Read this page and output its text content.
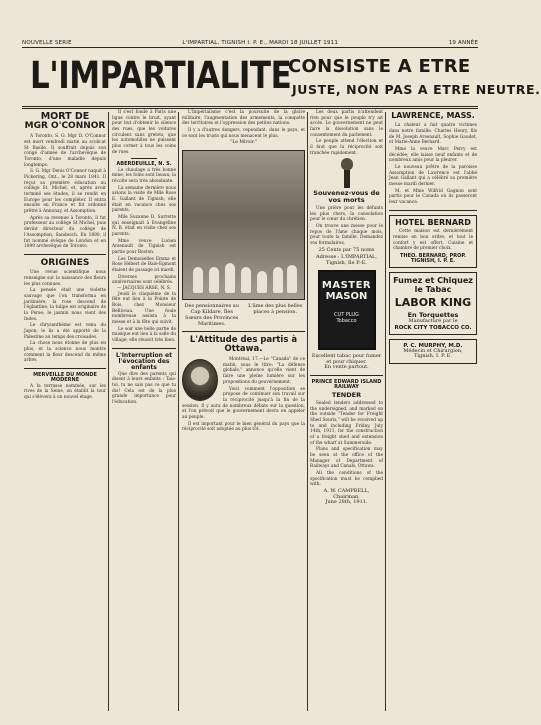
NOUVELLE SERIE	L'IMPARTIAL, TIGNISH I. P. E., MARDI 18 JUILLET 1911	19 ANNÉE
L'IMPARTIALITE
CONSISTE A ETRE
JUSTE, NON PAS A ETRE NEUTRE.
MORT DE
MGR O'CONNOR

A Toronto, S. G. Mgr D. O'Connor est mort vendredi matin au scolicat St Basile. Il souffrait depuis son congé d'année de l'archevêque de Toronto, d'une maladie depuis longtemps.

S. G. Mgr Denis O'Connor naquit à Pickering, Ont., le 28 mars 1841. Il reçut sa première éducation au collège St. Michel, et, après avoir terminé ses études, il se rendit en Europe pour les compléter. Il entra ensuite en France et fut ordonné prêtre à Annonay, et Assomption.

Après sa revenue à Toronto, il fut professeur au collège St Michel, puis devint directeur du collège de l'Assomption, Sandwich. En 1890, il fut nommé évêque de London et en 1899 archevêque de Toronto.

ORIGINES

Une revue scientifique nous renseigne sur la naissance des fleurs les plus connues.

La pensée était une violette sauvage que l'on transforma en jardinière; la rose descend de l'églantine; la tulipe est originaire de la Perse; le jasmin nous vient des Indes.

Le chrysanthème est venu du Japon; le lis a été apporté de la Palestine au temps des croisades.

La chose nous étonne de plus en plus, et la science nous montre comment la fleur descend du même arbre.

MERVEILLE DU MONDE MODERNE

A la terrasse nommée, sur les rives de la Seine, on établit la tour qui s'élèvera à un nouvel étage.

Il s'est fondé à Paris une ligue contre le bruit, ayant pour but d'obtenir le silence des rues, que les voitures circulent sans grelots, que les automobiles ne puissent plus corner à tous les coins de rues.

ABERDEUILLE, N. S.

Le chaulage a très bonne mine; les foins sont beaux; la récolte sera très abondante.

La semaine dernière nous avions la visite de Mlle Rose E. Gallant de Tignish; elle était en vacance chez ses parents.

Mlle Suzanne D. Surrette qui enseignait à Evangéline N. B. était en visite chez ses parents.

Mme veuve Lucien Arsenault de Tignish est partie pour Boston.

Les Demoiselles Emma et Rose Hébert de Baie-Egmont étaient de passage ici mardi.

Diverses prochains anniversaires sont célébrés.

— JACQUES ARSE, N. S.

Jeudi le cinquième de la fête eut lieu à la Pointe de Bois, chez Monsieur Belliveau. Une foule nombreuse assista à la messe et à la fête qui suivit.

Le soir une belle partie de musique eut lieu à la salle du village; elle réussit très bien.

L'Interruption et l'évocation des enfants

Que dire des parents qui disent à leurs enfants : Tais-toi, tu ne sais pas ce que tu dis! Cela est de la plus grande importance pour l'éducation.

L'Impérialisme c'est la poursuite de la gloire militaire, l'augmentation des armements, la conquête des territoires et l'oppression des petites nations.

Il y a d'autres dangers, cependant, dans le pays, et ce sont les trusts qui nous menacent le plus.

"Le Miroir."
Des pensionnaires au Cap Kildare, Îles Sœurs des Provinces Maritimes.
L'âme des plus belles places à pension.
L'Attitude des partis à Ottawa.

Montréal, 17.—Le "Canada" de ce matin, sous le titre: "La défense globale," annonce qu'elle vient de faire une pleine lumière sur les propositions du gouvernement.

Voici comment l'opposition se propose de continuer son travail sur la réciprocité jusqu'à la fin de la session. Il y aura de nombreux débats sur la question, et l'on prévoit que le gouvernement devra en appeler au peuple.

Il est important pour le bien général du pays que la réciprocité soit adoptée au plus tôt.

Les deux partis n'attendent rien pour que le peuple n'y ait accès. Le gouvernement ne peut faire la dissolution sans le consentement du parlement.

Le peuple attend l'élection et il faut que la réciprocité soit tranchée rapidement.

Souvenez-vous de vos morts

Une prière pour les défunts les plus chers, la consolation pour le cœur du chrétien.

On trouve une messe pour le repos de l'âme chaque mois, pour toute la famille. Demandez vos formulaires.

25 Cents par 75 noms
Adresse : L'IMPARTIAL, Tignish, Ile P.-E.
MASTER
MASON
CUT PLUG
Tobacco
Excellent tabac pour fumer et pour chiquer.
En vente partout.
PRINCE EDWARD ISLAND RAILWAY
TENDER

Sealed tenders addressed to the undersigned, and marked on the outside "Tender for Freight Shed Souris," will be received up to and including Friday, July 14th, 1911, for the construction of a freight shed and extension of the wharf at Summerside.

Plans and specification may be seen at the office of the Manager of Department of Railways and Canals, Ottawa.

All the conditions of the specification must be complied with.

A. W. CAMPBELL, Chairman.
June 28th, 1911.
LAWRENCE, MASS.

La chaleur a fait quatre victimes dans notre famille. Charles Henry, fils de M. Joseph Arsenault, Sophie Gaudet, et Marie-Anne Bernard.

Mme la veuve Marc Perry est décédée; elle laisse neuf enfants et de nombreux amis pour la pleurer.

Le nouveau prêtre de la paroisse Assomption de Lawrence est l'abbé Jean Gallant qui a célébré sa première messe mardi dernier.

M. et Mme Wilfrid Gagnon sont partis pour le Canada où ils passeront leur vacance.

HOTEL BERNARD

Cette maison est dernièrement remise en bon ordre, et tout le confort y est offert. Cuisine et chambre de premier choix.

THEO. BERNARD, PROP. TIGNISH, I. P. E.
Fumez et Chiquez
le Tabac
LABOR KING
En Torquettes
Manufacturé par le
ROCK CITY TOBACCO CO.
P. C. MURPHY, M.D.
Médecin et Chirurgien, Tignish, I. P. E.
